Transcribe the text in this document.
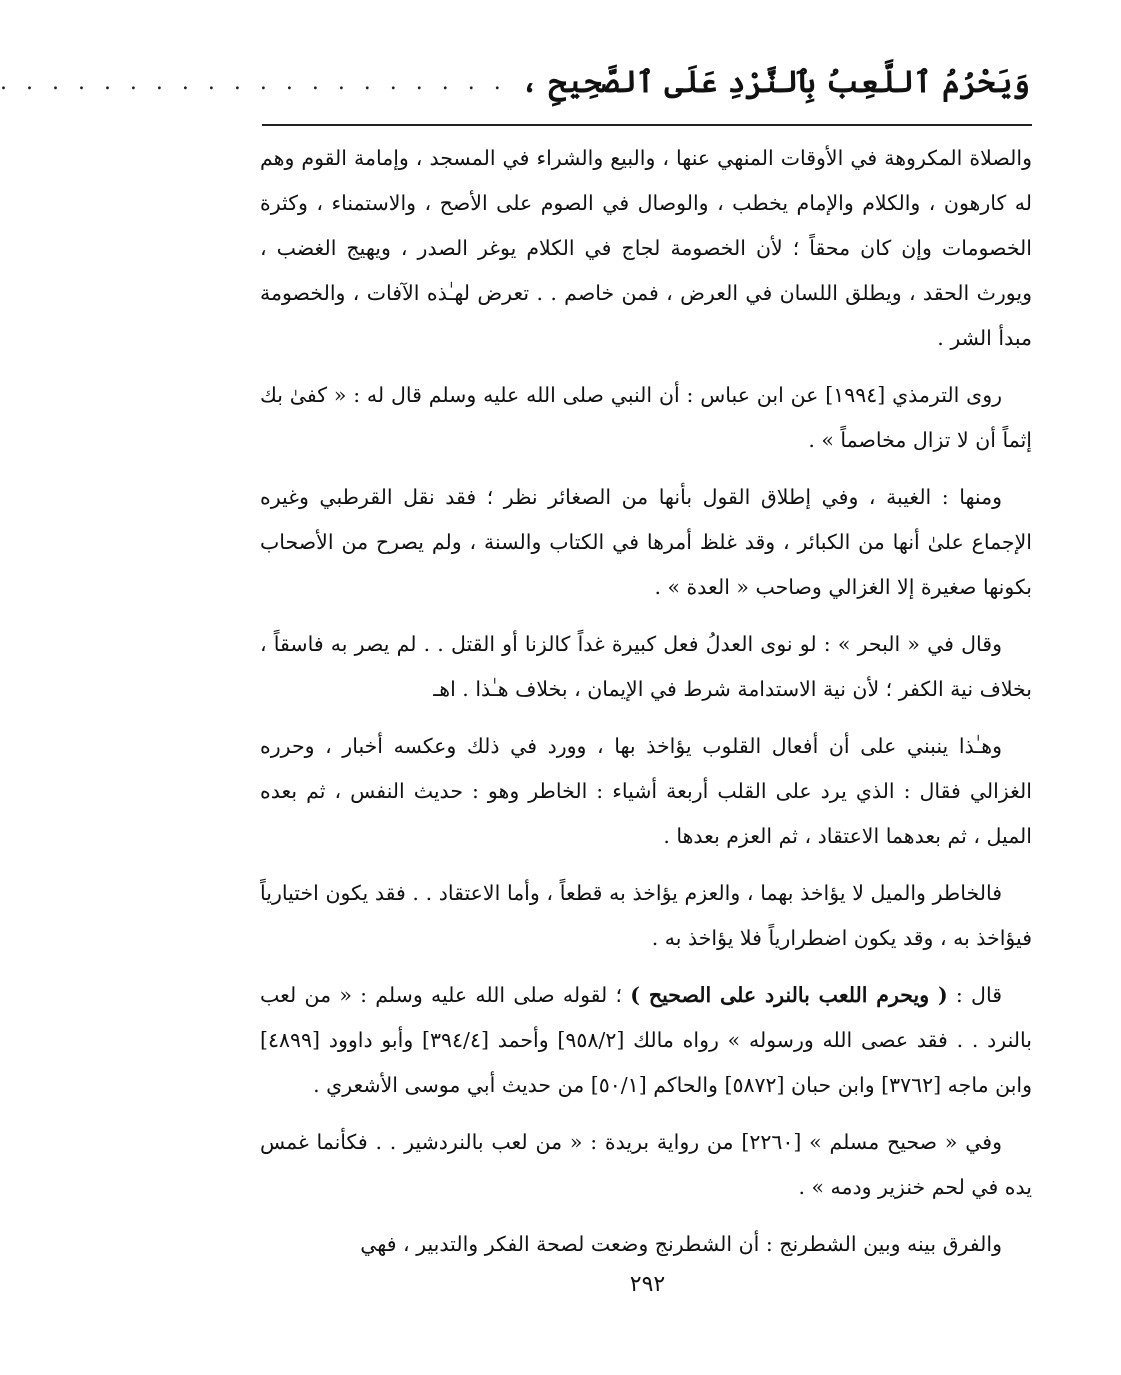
وَيَحْرُمُ ٱللَّعِبُ بِٱلنَّرْدِ عَلَى ٱلصَّحِيحِ ،
. . . . . . . . . . . . . . . . . . . .

والصلاة المكروهة في الأوقات المنهي عنها ، والبيع والشراء في المسجد ، وإمامة القوم وهم له كارهون ، والكلام والإمام يخطب ، والوصال في الصوم على الأصح ، والاستمناء ، وكثرة الخصومات وإن كان محقاً ؛ لأن الخصومة لجاج في الكلام يوغر الصدر ، ويهيج الغضب ، ويورث الحقد ، ويطلق اللسان في العرض ، فمن خاصم . . تعرض لهـٰذه الآفات ، والخصومة مبدأ الشر .

روى الترمذي [١٩٩٤] عن ابن عباس : أن النبي صلى الله عليه وسلم قال له : « كفىٰ بك إثماً أن لا تزال مخاصماً » .

ومنها : الغيبة ، وفي إطلاق القول بأنها من الصغائر نظر ؛ فقد نقل القرطبي وغيره الإجماع علىٰ أنها من الكبائر ، وقد غلظ أمرها في الكتاب والسنة ، ولم يصرح من الأصحاب بكونها صغيرة إلا الغزالي وصاحب « العدة » .

وقال في « البحر » : لو نوى العدلُ فعل كبيرة غداً كالزنا أو القتل . . لم يصر به فاسقاً ، بخلاف نية الكفر ؛ لأن نية الاستدامة شرط في الإيمان ، بخلاف هـٰذا . اهـ

وهـٰذا ينبني على أن أفعال القلوب يؤاخذ بها ، وورد في ذلك وعكسه أخبار ، وحرره الغزالي فقال : الذي يرد على القلب أربعة أشياء : الخاطر وهو : حديث النفس ، ثم بعده الميل ، ثم بعدهما الاعتقاد ، ثم العزم بعدها .

فالخاطر والميل لا يؤاخذ بهما ، والعزم يؤاخذ به قطعاً ، وأما الاعتقاد . . فقد يكون اختيارياً فيؤاخذ به ، وقد يكون اضطرارياً فلا يؤاخذ به .

قال : ( ويحرم اللعب بالنرد على الصحيح ) ؛ لقوله صلى الله عليه وسلم : « من لعب بالنرد . . فقد عصى الله ورسوله » رواه مالك [٩٥٨/٢] وأحمد [٣٩٤/٤] وأبو داوود [٤٨٩٩] وابن ماجه [٣٧٦٢] وابن حبان [٥٨٧٢] والحاكم [٥٠/١] من حديث أبي موسى الأشعري .

وفي « صحيح مسلم » [٢٢٦٠] من رواية بريدة : « من لعب بالنردشير . . فكأنما غمس يده في لحم خنزير ودمه » .

والفرق بينه وبين الشطرنج : أن الشطرنج وضعت لصحة الفكر والتدبير ، فهي

٢٩٢
